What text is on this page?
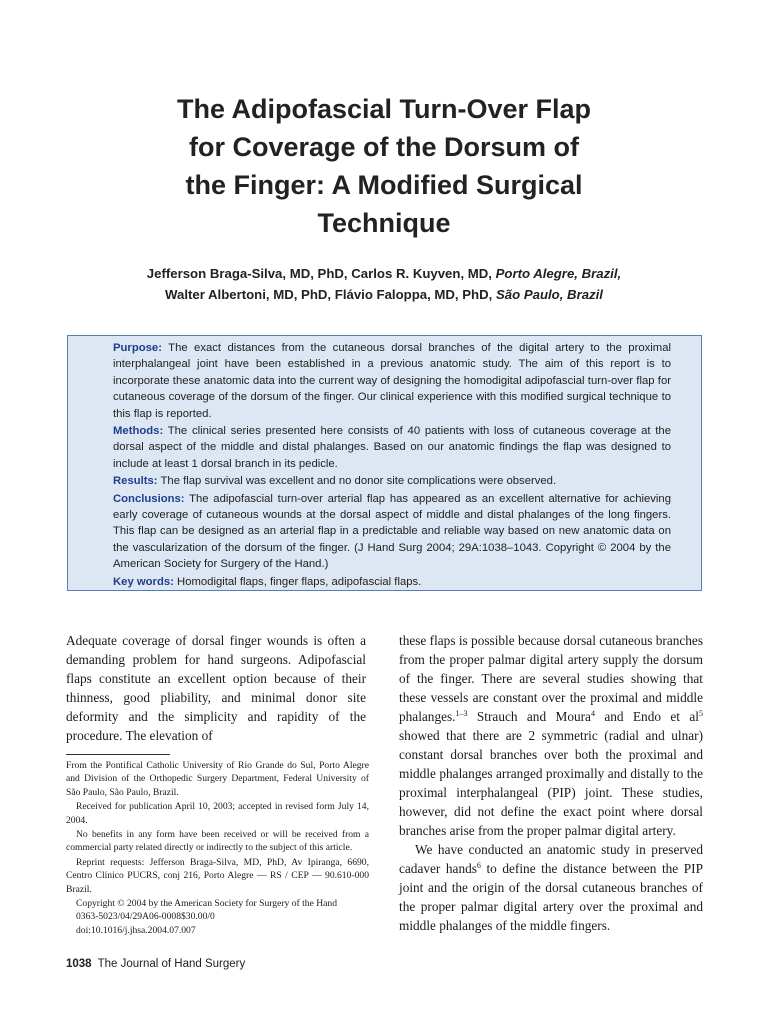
The Adipofascial Turn-Over Flap
for Coverage of the Dorsum of
the Finger: A Modified Surgical
Technique
Jefferson Braga-Silva, MD, PhD, Carlos R. Kuyven, MD, Porto Alegre, Brazil,
Walter Albertoni, MD, PhD, Flávio Faloppa, MD, PhD, São Paulo, Brazil

Purpose: The exact distances from the cutaneous dorsal branches of the digital artery to the proximal interphalangeal joint have been established in a previous anatomic study. The aim of this report is to incorporate these anatomic data into the current way of designing the homodigital adipofascial turn-over flap for cutaneous coverage of the dorsum of the finger. Our clinical experience with this modified surgical technique to this flap is reported.

Methods: The clinical series presented here consists of 40 patients with loss of cutaneous coverage at the dorsal aspect of the middle and distal phalanges. Based on our anatomic findings the flap was designed to include at least 1 dorsal branch in its pedicle.

Results: The flap survival was excellent and no donor site complications were observed.

Conclusions: The adipofascial turn-over arterial flap has appeared as an excellent alternative for achieving early coverage of cutaneous wounds at the dorsal aspect of middle and distal phalanges of the long fingers. This flap can be designed as an arterial flap in a predictable and reliable way based on new anatomic data on the vascularization of the dorsum of the finger. (J Hand Surg 2004; 29A:1038–1043. Copyright © 2004 by the American Society for Surgery of the Hand.)

Key words: Homodigital flaps, finger flaps, adipofascial flaps.

Adequate coverage of dorsal finger wounds is often a demanding problem for hand surgeons. Adipofascial flaps constitute an excellent option because of their thinness, good pliability, and minimal donor site deformity and the simplicity and rapidity of the procedure. The elevation of

these flaps is possible because dorsal cutaneous branches from the proper palmar digital artery supply the dorsum of the finger. There are several studies showing that these vessels are constant over the proximal and middle phalanges.$^{1-3}$ Strauch and Moura$^4$ and Endo et $al^5$ showed that there are 2 symmetric (radial and ulnar) constant dorsal branches over both the proximal and middle phalanges arranged proximally and distally to the proximal interphalangeal (PIP) joint. These studies, however, did not define the exact point where dorsal branches arise from the proper palmar digital artery.

We have conducted an anatomic study in preserved cadaver hands$^6$ to define the distance between the PIP joint and the origin of the dorsal cutaneous branches of the proper palmar digital artery over the proximal and middle phalanges of the middle fingers.

From the Pontifical Catholic University of Rio Grande do Sul, Porto Alegre and Division of the Orthopedic Surgery Department, Federal University of São Paulo, São Paulo, Brazil.

Received for publication April 10, 2003; accepted in revised form July 14, 2004.

No benefits in any form have been received or will be received from a commercial party related directly or indirectly to the subject of this article.

Reprint requests: Jefferson Braga-Silva, MD, PhD, Av Ipiranga, 6690, Centro Clínico PUCRS, conj 216, Porto Alegre — RS / CEP — 90.610-000 Brazil.

Copyright © 2004 by the American Society for Surgery of the Hand

0363-5023/04/29A06-0008$30.00/0

doi:10.1016/j.jhsa.2004.07.007

1038 The Journal of Hand Surgery
